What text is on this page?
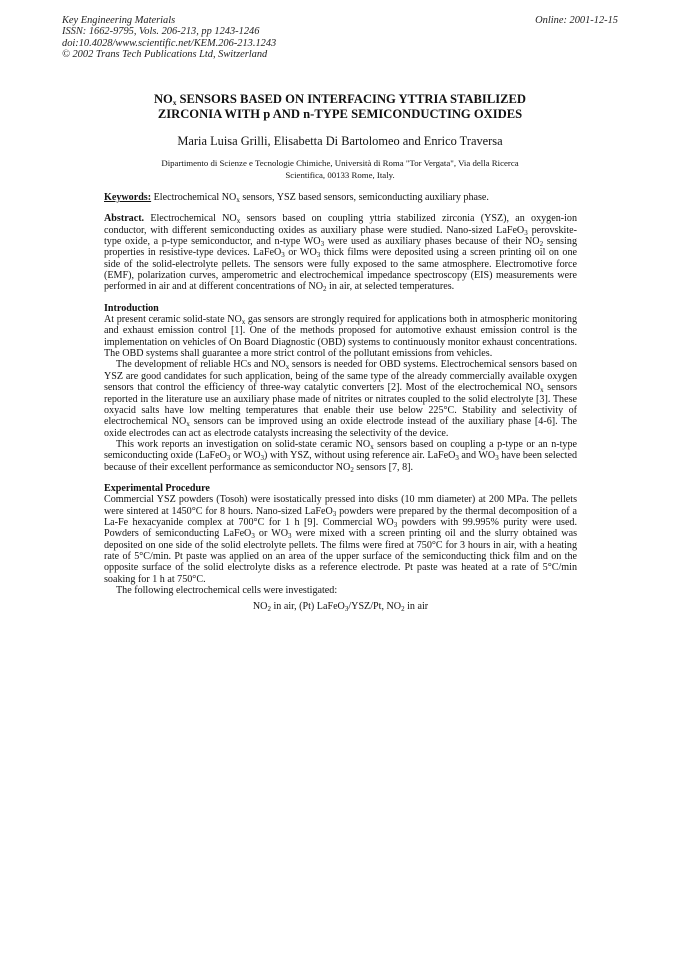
Key Engineering Materials
ISSN: 1662-9795, Vols. 206-213, pp 1243-1246
doi:10.4028/www.scientific.net/KEM.206-213.1243
© 2002 Trans Tech Publications Ltd, Switzerland
Online: 2001-12-15
$NO_x$ SENSORS BASED ON INTERFACING YTTRIA STABILIZED
ZIRCONIA WITH p AND n-TYPE SEMICONDUCTING OXIDES
Maria Luisa Grilli, Elisabetta Di Bartolomeo and Enrico Traversa
Dipartimento di Scienze e Tecnologie Chimiche, Università di Roma "Tor Vergata", Via della Ricerca
Scientifica, 00133 Rome, Italy.

Keywords: Electrochemical $NO_x$ sensors, YSZ based sensors, semiconducting auxiliary phase.

Abstract. Electrochemical $NO_x$ sensors based on coupling yttria stabilized zirconia (YSZ), an oxygen-ion conductor, with different semiconducting oxides as auxiliary phase were studied. Nano-sized LaFeO$_3$ perovskite-type oxide, a p-type semiconductor, and n-type $WO_3$ were used as auxiliary phases because of their $NO_2$ sensing properties in resistive-type devices. LaFeO$_3$ or $WO_3$ thick films were deposited using a screen printing oil on one side of the solid-electrolyte pellets. The sensors were fully exposed to the same atmosphere. Electromotive force (EMF), polarization curves, amperometric and electrochemical impedance spectroscopy (EIS) measurements were performed in air and at different concentrations of $NO_2$ in air, at selected temperatures.

Introduction

At present ceramic solid-state $NO_x$ gas sensors are strongly required for applications both in atmospheric monitoring and exhaust emission control [1]. One of the methods proposed for automotive exhaust emission control is the implementation on vehicles of On Board Diagnostic (OBD) systems to continuously monitor exhaust concentrations. The OBD systems shall guarantee a more strict control of the pollutant emissions from vehicles.

The development of reliable HCs and $NO_x$ sensors is needed for OBD systems. Electrochemical sensors based on YSZ are good candidates for such application, being of the same type of the already commercially available oxygen sensors that control the efficiency of three-way catalytic converters [2]. Most of the electrochemical $NO_x$ sensors reported in the literature use an auxiliary phase made of nitrites or nitrates coupled to the solid electrolyte [3]. These oxyacid salts have low melting temperatures that enable their use below 225°C. Stability and selectivity of electrochemical $NO_x$ sensors can be improved using an oxide electrode instead of the auxiliary phase [4-6]. The oxide electrodes can act as electrode catalysts increasing the selectivity of the device.

This work reports an investigation on solid-state ceramic $NO_x$ sensors based on coupling a p-type or an n-type semiconducting oxide (LaFeO$_3$ or $WO_3$) with YSZ, without using reference air. LaFeO$_3$ and $WO_3$ have been selected because of their excellent performance as semiconductor $NO_2$ sensors [7, 8].

Experimental Procedure

Commercial YSZ powders (Tosoh) were isostatically pressed into disks (10 mm diameter) at 200 MPa. The pellets were sintered at 1450°C for 8 hours. Nano-sized LaFeO$_3$ powders were prepared by the thermal decomposition of a La-Fe hexacyanide complex at 700°C for 1 h [9]. Commercial $WO_3$ powders with 99.995% purity were used. Powders of semiconducting LaFeO$_3$ or $WO_3$ were mixed with a screen printing oil and the slurry obtained was deposited on one side of the solid electrolyte pellets. The films were fired at 750°C for 3 hours in air, with a heating rate of 5°C/min. Pt paste was applied on an area of the upper surface of the semiconducting thick film and on the opposite surface of the solid electrolyte disks as a reference electrode. Pt paste was heated at a rate of 5°C/min soaking for 1 h at 750°C.

The following electrochemical cells were investigated:

$NO_2$ in air, (Pt) LaFeO$_3$/YSZ/Pt, $NO_2$ in air
